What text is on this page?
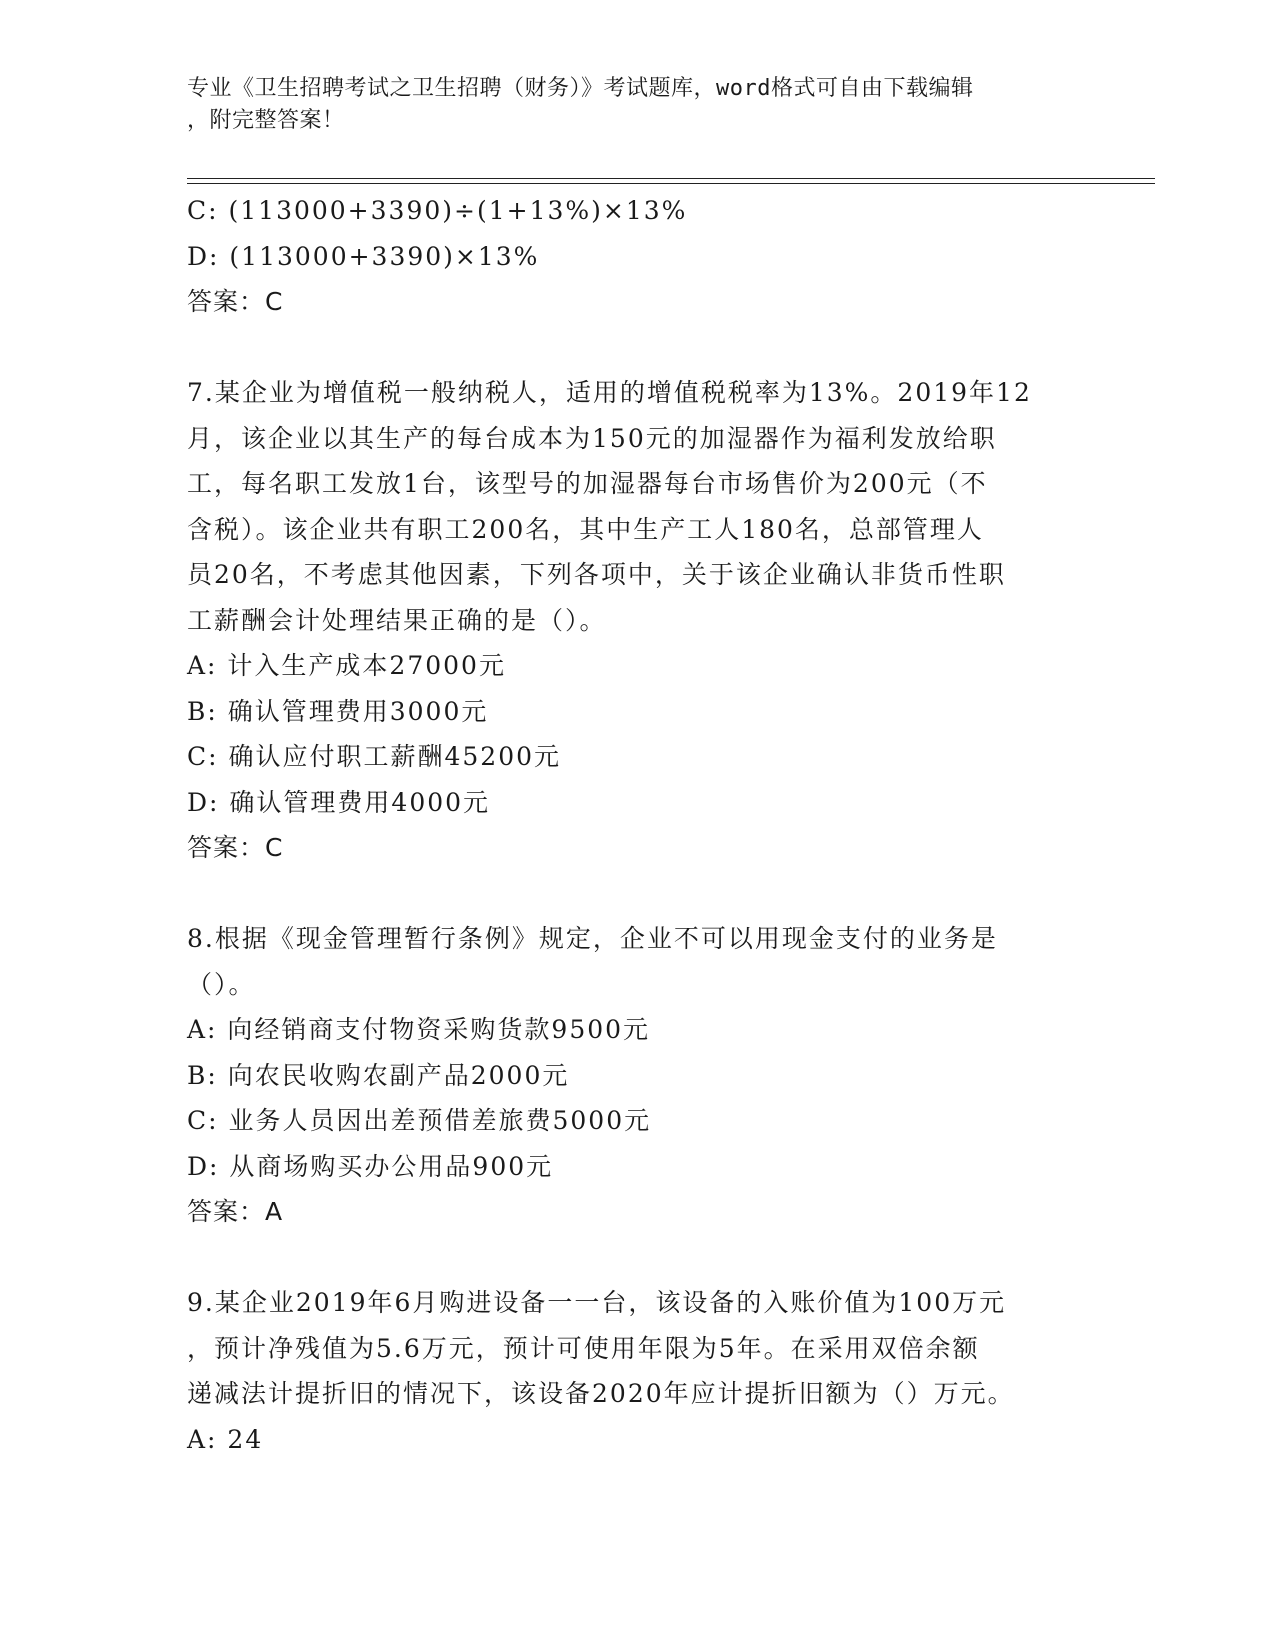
专业《卫生招聘考试之卫生招聘（财务）》考试题库，word格式可自由下载编辑
，附完整答案！
C: (113000+3390)÷(1+13%)×13%
D: (113000+3390)×13%
答案：C
7.某企业为增值税一般纳税人，适用的增值税税率为13%。2019年12
月，该企业以其生产的每台成本为150元的加湿器作为福利发放给职
工，每名职工发放1台，该型号的加湿器每台市场售价为200元（不
含税）。该企业共有职工200名，其中生产工人180名，总部管理人
员20名，不考虑其他因素，下列各项中，关于该企业确认非货币性职
工薪酬会计处理结果正确的是（）。
A: 计入生产成本27000元
B: 确认管理费用3000元
C: 确认应付职工薪酬45200元
D: 确认管理费用4000元
答案：C
8.根据《现金管理暂行条例》规定，企业不可以用现金支付的业务是
（）。
A: 向经销商支付物资采购货款9500元
B: 向农民收购农副产品2000元
C: 业务人员因出差预借差旅费5000元
D: 从商场购买办公用品900元
答案：A
9.某企业2019年6月购进设备一一台，该设备的入账价值为100万元
，预计净残值为5.6万元，预计可使用年限为5年。在采用双倍余额
递减法计提折旧的情况下，该设备2020年应计提折旧额为（）万元。
A: 24
